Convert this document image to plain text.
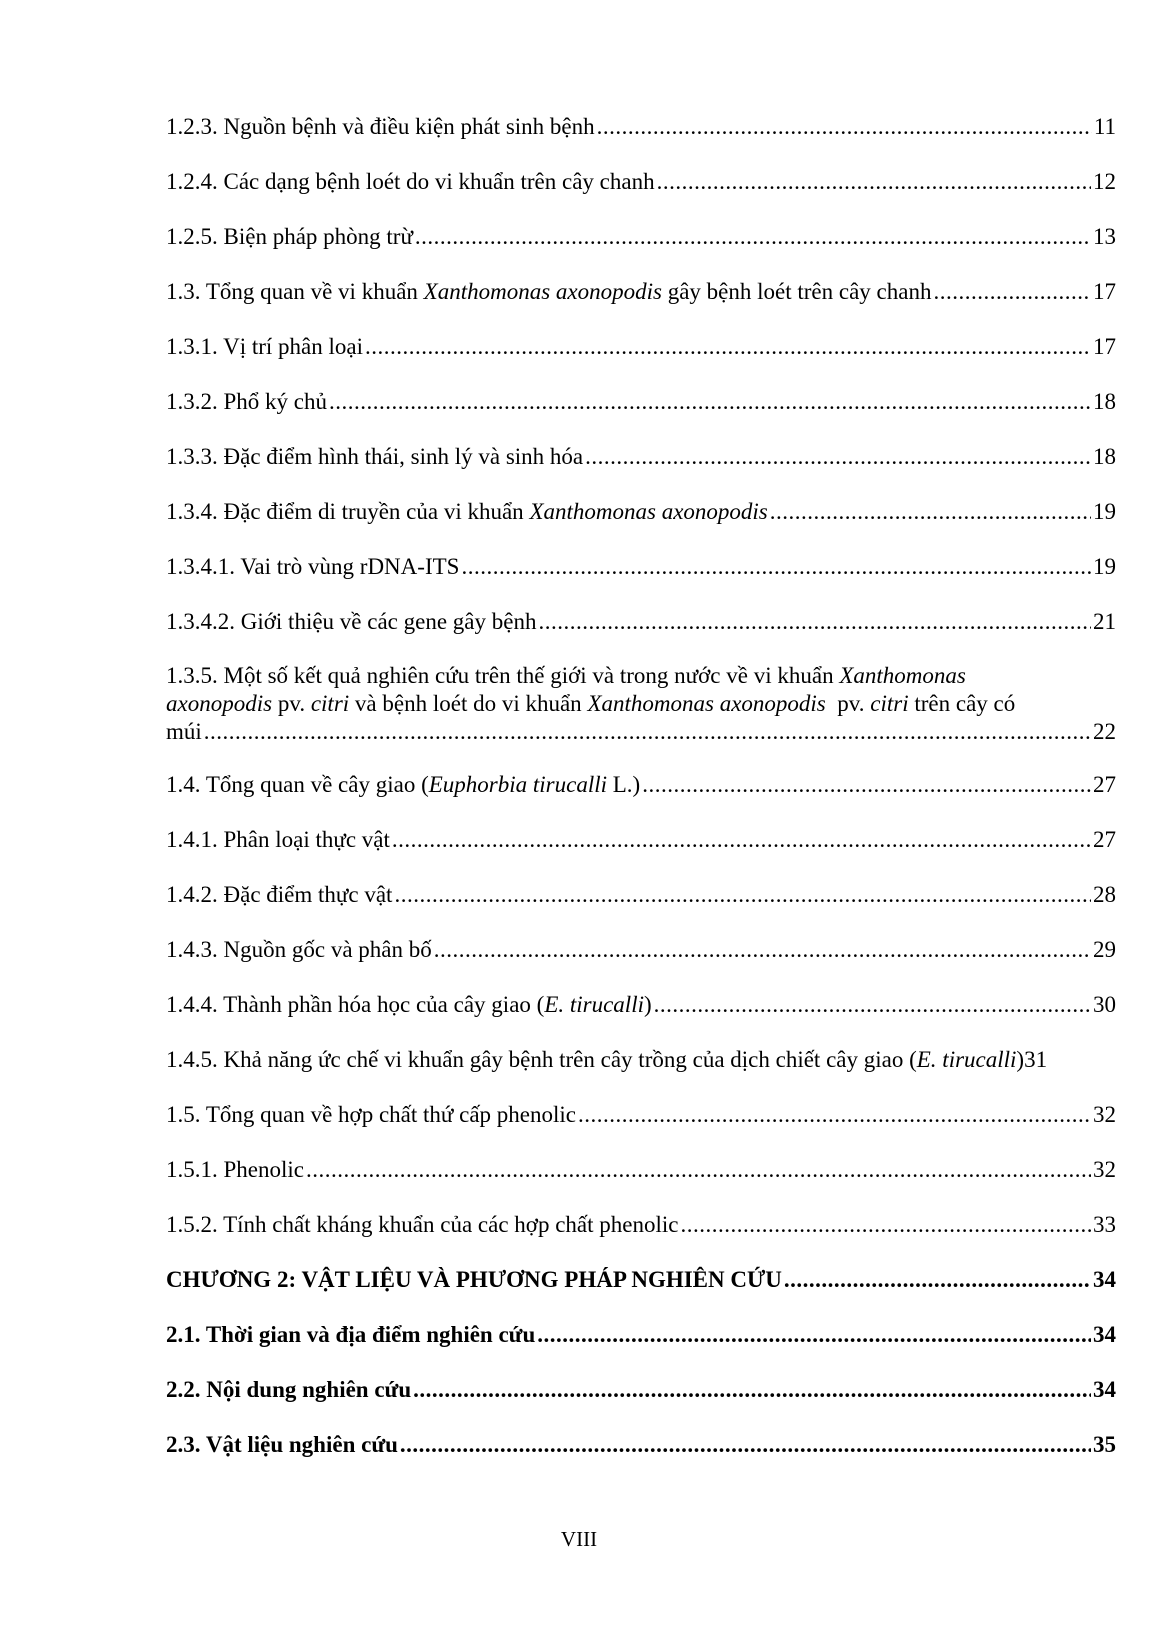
1.2.3. Nguồn bệnh và điều kiện phát sinh bệnh .....	11
1.2.4. Các dạng bệnh loét do vi khuẩn trên cây chanh .....	12
1.2.5. Biện pháp phòng trừ .....	13
1.3. Tổng quan về vi khuẩn Xanthomonas axonopodis gây bệnh loét trên cây chanh .....	17
1.3.1. Vị trí phân loại .....	17
1.3.2. Phổ ký chủ .....	18
1.3.3. Đặc điểm hình thái, sinh lý và sinh hóa .....	18
1.3.4. Đặc điểm di truyền của vi khuẩn Xanthomonas axonopodis .....	19
1.3.4.1. Vai trò vùng rDNA-ITS .....	19
1.3.4.2. Giới thiệu về các gene gây bệnh .....	21
1.3.5. Một số kết quả nghiên cứu trên thế giới và trong nước về vi khuẩn Xanthomonas
axonopodis pv. citri và bệnh loét do vi khuẩn Xanthomonas axonopodis  pv. citri trên cây có
múi .....	22
1.4. Tổng quan về cây giao (Euphorbia tirucalli L.) .....	27
1.4.1. Phân loại thực vật .....	27
1.4.2. Đặc điểm thực vật .....	28
1.4.3. Nguồn gốc và phân bố .....	29
1.4.4. Thành phần hóa học của cây giao (E. tirucalli) .....	30
1.4.5. Khả năng ức chế vi khuẩn gây bệnh trên cây trồng của dịch chiết cây giao (E. tirucalli) 31
1.5. Tổng quan về hợp chất thứ cấp phenolic .....	32
1.5.1. Phenolic .....	32
1.5.2. Tính chất kháng khuẩn của các hợp chất phenolic .....	33
CHƯƠNG 2: VẬT LIỆU VÀ PHƯƠNG PHÁP NGHIÊN CỨU .....	34
2.1. Thời gian và địa điểm nghiên cứu .....	34
2.2. Nội dung nghiên cứu .....	34
2.3. Vật liệu nghiên cứu .....	35
VIII
